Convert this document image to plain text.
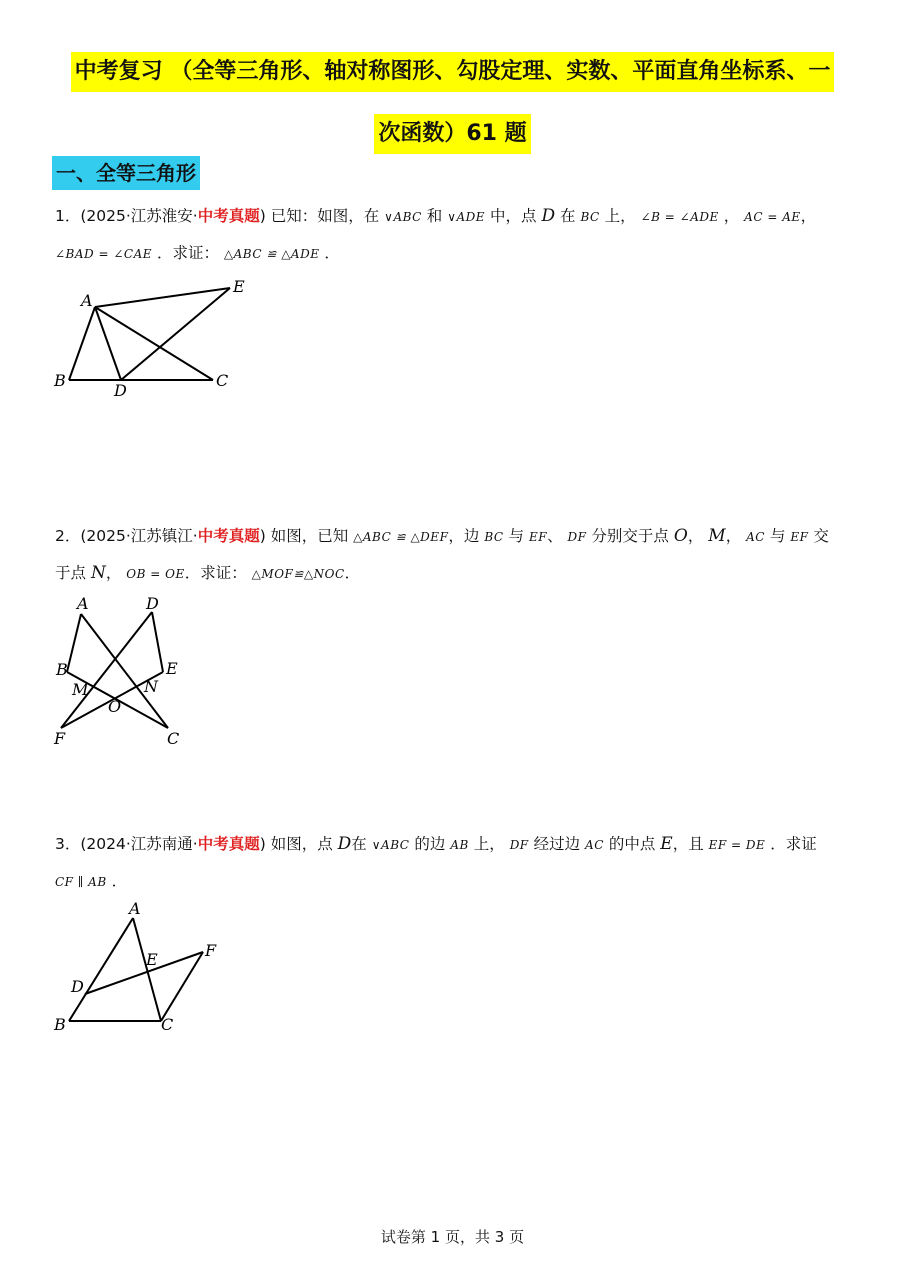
中考复习 （全等三角形、轴对称图形、勾股定理、实数、平面直角坐标系、一
次函数）61 题
一、全等三角形
1．(2025·江苏淮安·中考真题) 已知：如图，在 ∨ABC 和 ∨ADE 中，点 D 在 BC 上， ∠B = ∠ADE ， AC = AE，
∠BAD = ∠CAE ．求证： △ABC ≌ △ADE ．
A
B
D
C
E
2．(2025·江苏镇江·中考真题) 如图，已知 △ABC ≌ △DEF，边 BC 与 EF、 DF 分别交于点 O， M， AC 与 EF 交
于点 N， OB = OE．求证： △MOF≌△NOC．
A	D
B	E
M	N
O
F	C
3．(2024·江苏南通·中考真题) 如图，点 D在 ∨ABC 的边 AB 上， DF 经过边 AC 的中点 E，且 EF = DE ．求证
CF ∥ AB ．
A
D
E	F
B	C
试卷第 1 页，共 3 页
